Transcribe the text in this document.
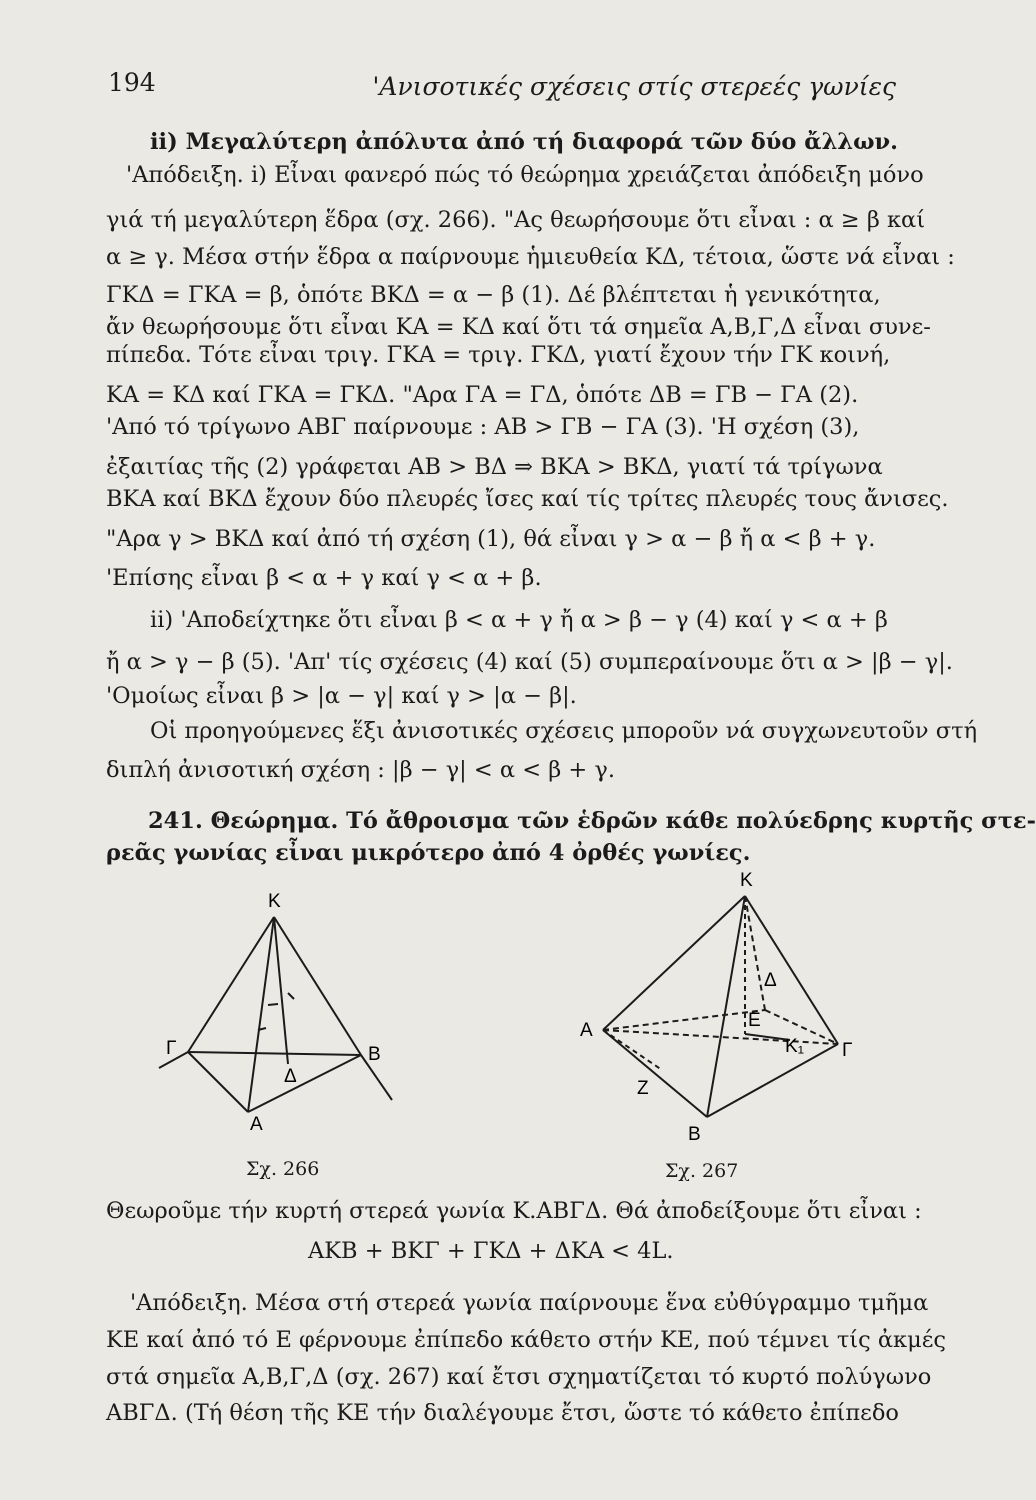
194	'Ανισοτικές σχέσεις στίς στερεές γωνίες
ii) Μεγαλύτερη ἀπόλυτα ἀπό τή διαφορά τῶν δύο ἄλλων.
'Απόδειξη. i) Εἶναι φανερό πώς τό θεώρημα χρειάζεται ἀπόδειξη μόνο
γιά τή μεγαλύτερη ἕδρα (σχ. 266). "Ας θεωρήσουμε ὅτι εἶναι : α ≥ β καί
α ≥ γ. Μέσα στήν ἕδρα α παίρνουμε ἡμιευθεία ΚΔ, τέτοια, ὥστε νά εἶναι :
ΓΚΔ = ΓΚΑ = β, ὁπότε ΒΚΔ = α − β (1). Δέ βλέπτεται ἡ γενικότητα,
ἄν θεωρήσουμε ὅτι εἶναι ΚΑ = ΚΔ καί ὅτι τά σημεῖα Α,Β,Γ,Δ εἶναι συνε-
πίπεδα. Τότε εἶναι τριγ. ΓΚΑ = τριγ. ΓΚΔ, γιατί ἔχουν τήν ΓΚ κοινή,
ΚΑ = ΚΔ καί ΓΚΑ = ΓΚΔ. "Αρα ΓΑ = ΓΔ, ὁπότε ΔΒ = ΓΒ − ΓΑ (2).
'Από τό τρίγωνο ΑΒΓ παίρνουμε : ΑΒ > ΓΒ − ΓΑ (3). 'Η σχέση (3),
ἐξαιτίας τῆς (2) γράφεται ΑΒ > ΒΔ ⇒ ΒΚΑ > ΒΚΔ, γιατί τά τρίγωνα
ΒΚΑ καί ΒΚΔ ἔχουν δύο πλευρές ἴσες καί τίς τρίτες πλευρές τους ἄνισες.
"Αρα γ > ΒΚΔ καί ἀπό τή σχέση (1), θά εἶναι γ > α − β ἤ α < β + γ.
'Επίσης εἶναι β < α + γ καί γ < α + β.
ii) 'Αποδείχτηκε ὅτι εἶναι β < α + γ ἤ α > β − γ (4) καί γ < α + β
ἤ α > γ − β (5). 'Απ' τίς σχέσεις (4) καί (5) συμπεραίνουμε ὅτι α > |β − γ|.
'Ομοίως εἶναι β > |α − γ| καί γ > |α − β|.
Οἱ προηγούμενες ἕξι ἀνισοτικές σχέσεις μποροῦν νά συγχωνευτοῦν στή
διπλή ἀνισοτική σχέση : |β − γ| < α < β + γ.
241. Θεώρημα. Τό ἄθροισμα τῶν ἑδρῶν κάθε πολύεδρης κυρτῆς στε-
ρεᾶς γωνίας εἶναι μικρότερο ἀπό 4 ὀρθές γωνίες.
Κ
Γ
Δ
Β
Α
Κ
Δ
Α	Ε
Κ₁ Γ
Ζ
Β
Σχ. 266	Σχ. 267
Θεωροῦμε τήν κυρτή στερεά γωνία Κ.ΑΒΓΔ. Θά ἀποδείξουμε ὅτι εἶναι :
ΑΚΒ + ΒΚΓ + ΓΚΔ + ΔΚΑ < 4L.
'Απόδειξη. Μέσα στή στερεά γωνία παίρνουμε ἕνα εὐθύγραμμο τμῆμα
ΚΕ καί ἀπό τό Ε φέρνουμε ἐπίπεδο κάθετο στήν ΚΕ, πού τέμνει τίς ἀκμές
στά σημεῖα Α,Β,Γ,Δ (σχ. 267) καί ἔτσι σχηματίζεται τό κυρτό πολύγωνο
ΑΒΓΔ. (Τή θέση τῆς ΚΕ τήν διαλέγουμε ἔτσι, ὥστε τό κάθετο ἐπίπεδο
